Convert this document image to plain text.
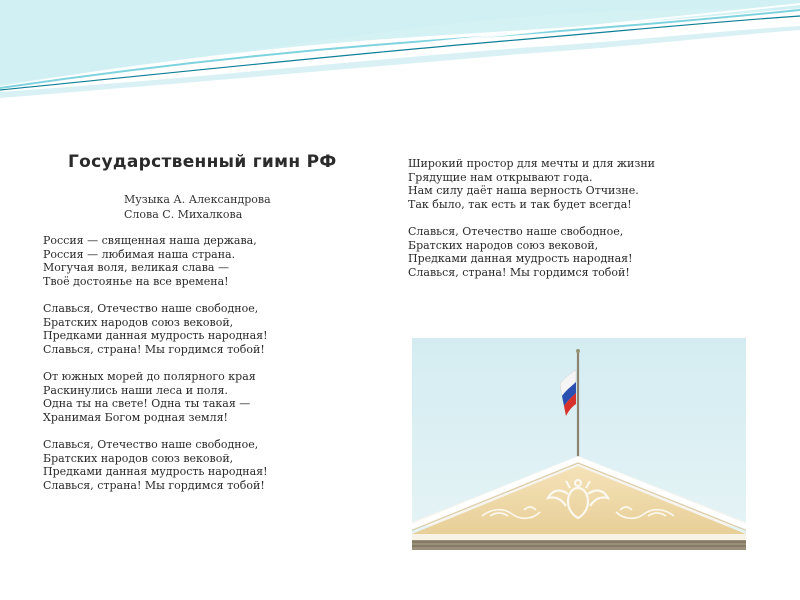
Государственный гимн РФ
Музыка А. Александрова
Слова С. Михалкова
Россия — священная наша держава,
Россия — любимая наша страна.
Могучая воля, великая слава —
Твоё достоянье на все времена!
Славься, Отечество наше свободное,
Братских народов союз вековой,
Предками данная мудрость народная!
Славься, страна! Мы гордимся тобой!
От южных морей до полярного края
Раскинулись наши леса и поля.
Одна ты на свете! Одна ты такая —
Хранимая Богом родная земля!
Славься, Отечество наше свободное,
Братских народов союз вековой,
Предками данная мудрость народная!
Славься, страна! Мы гордимся тобой!
Широкий простор для мечты и для жизни
Грядущие нам открывают года.
Нам силу даёт наша верность Отчизне.
Так было, так есть и так будет всегда!
Славься, Отечество наше свободное,
Братских народов союз вековой,
Предками данная мудрость народная!
Славься, страна! Мы гордимся тобой!
